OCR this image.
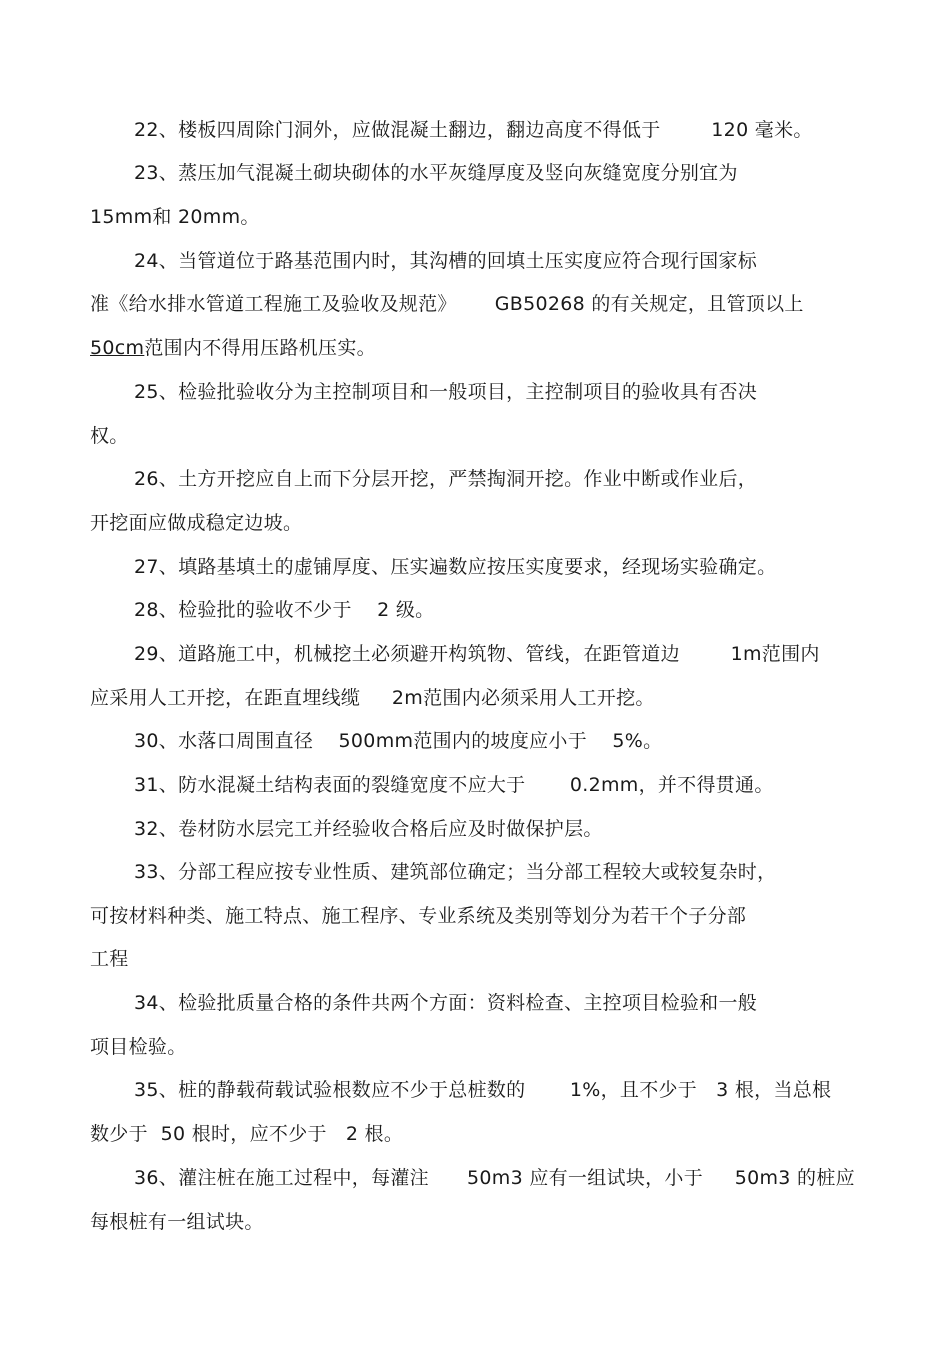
22、楼板四周除门洞外，应做混凝土翻边，翻边高度不得低于        120 毫米。
23、蒸压加气混凝土砌块砌体的水平灰缝厚度及竖向灰缝宽度分别宜为
15mm和 20mm。
24、当管道位于路基范围内时，其沟槽的回填土压实度应符合现行国家标
准《给水排水管道工程施工及验收及规范》      GB50268 的有关规定，且管顶以上
50cm范围内不得用压路机压实。
25、检验批验收分为主控制项目和一般项目，主控制项目的验收具有否决
权。
26、土方开挖应自上而下分层开挖，严禁掏洞开挖。作业中断或作业后，
开挖面应做成稳定边坡。
27、填路基填土的虚铺厚度、压实遍数应按压实度要求，经现场实验确定。
28、检验批的验收不少于    2 级。
29、道路施工中，机械挖土必须避开构筑物、管线，在距管道边        1m范围内
应采用人工开挖，在距直埋线缆     2m范围内必须采用人工开挖。
30、水落口周围直径    500mm范围内的坡度应小于    5%。
31、防水混凝土结构表面的裂缝宽度不应大于       0.2mm，并不得贯通。
32、卷材防水层完工并经验收合格后应及时做保护层。
33、分部工程应按专业性质、建筑部位确定；当分部工程较大或较复杂时，
可按材料种类、施工特点、施工程序、专业系统及类别等划分为若干个子分部
工程
34、检验批质量合格的条件共两个方面：资料检查、主控项目检验和一般
项目检验。
35、桩的静载荷载试验根数应不少于总桩数的       1%，且不少于   3 根，当总根
数少于  50 根时，应不少于   2 根。
36、灌注桩在施工过程中，每灌注      50m3 应有一组试块，小于     50m3 的桩应
每根桩有一组试块。
